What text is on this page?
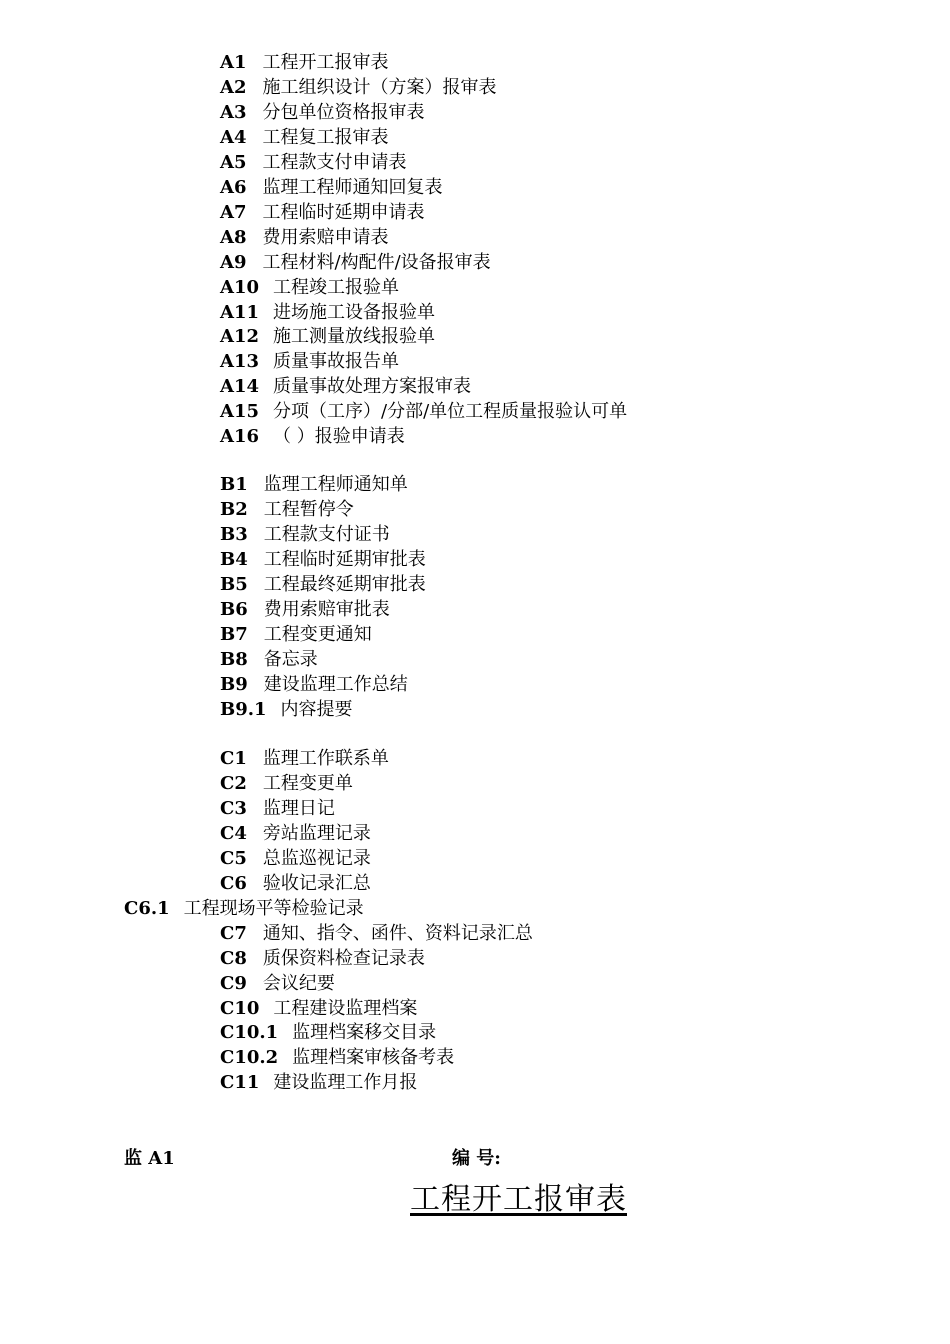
A1 工程开工报审表
A2 施工组织设计（方案）报审表
A3 分包单位资格报审表
A4 工程复工报审表
A5 工程款支付申请表
A6 监理工程师通知回复表
A7 工程临时延期申请表
A8 费用索赔申请表
A9 工程材料/构配件/设备报审表
A10 工程竣工报验单
A11 进场施工设备报验单
A12 施工测量放线报验单
A13 质量事故报告单
A14 质量事故处理方案报审表
A15 分项（工序）/分部/单位工程质量报验认可单
A16 （ ）报验申请表
B1 监理工程师通知单
B2 工程暂停令
B3 工程款支付证书
B4 工程临时延期审批表
B5 工程最终延期审批表
B6 费用索赔审批表
B7 工程变更通知
B8 备忘录
B9 建设监理工作总结
B9.1 内容提要
C1 监理工作联系单
C2 工程变更单
C3 监理日记
C4 旁站监理记录
C5 总监巡视记录
C6 验收记录汇总
C6.1 工程现场平等检验记录
C7 通知、指令、函件、资料记录汇总
C8 质保资料检查记录表
C9 会议纪要
C10 工程建设监理档案
C10.1 监理档案移交目录
C10.2 监理档案审核备考表
C11 建设监理工作月报
监 A1	编 号:
工程开工报审表
